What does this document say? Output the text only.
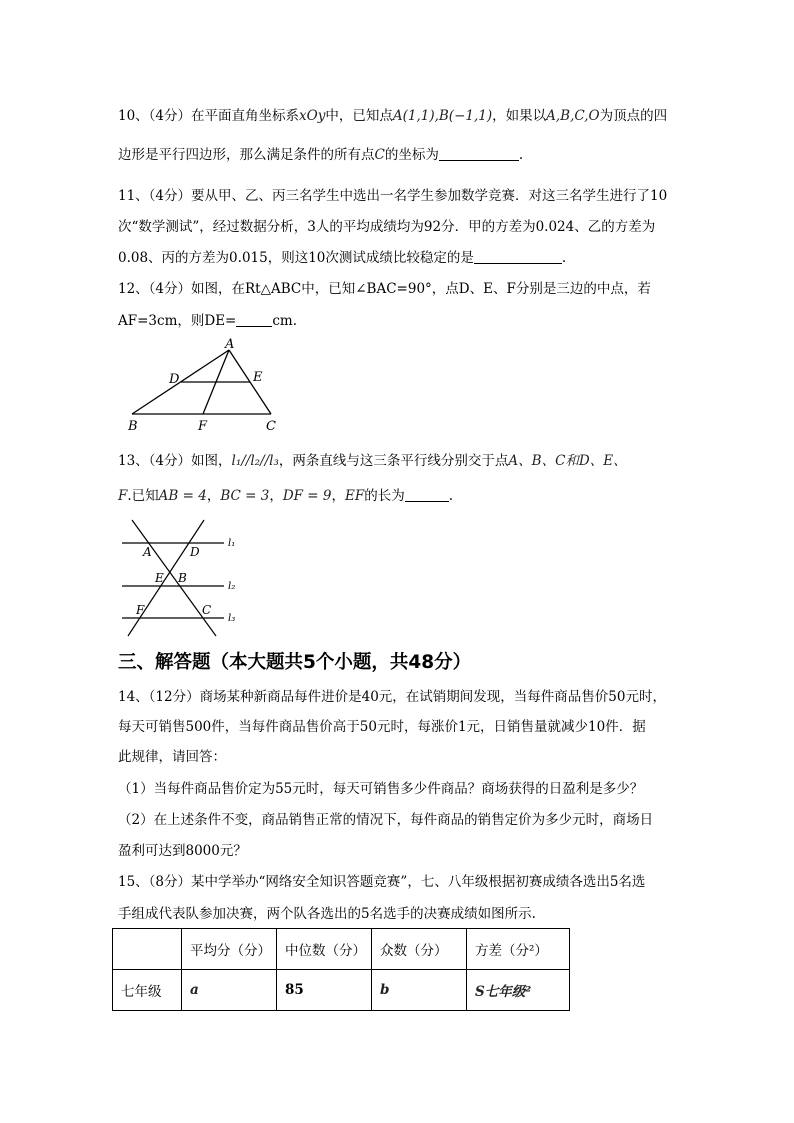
10、（4分）在平面直角坐标系xOy中，已知点A(1,1),B(−1,1)，如果以A,B,C,O为顶点的四
边形是平行四边形，那么满足条件的所有点C的坐标为	.
11、（4分）要从甲、乙、丙三名学生中选出一名学生参加数学竞赛．对这三名学生进行了10
次“数学测试”，经过数据分析，3人的平均成绩均为92分．甲的方差为0.024、乙的方差为
0.08、丙的方差为0.015，则这10次测试成绩比较稳定的是	.
12、（4分）如图，在Rt△ABC中，已知∠BAC=90°，点D、E、F分别是三边的中点，若
AF=3cm，则DE=	cm.
A
D	E
B	F	C
13、（4分）如图，l₁//l₂//l₃，两条直线与这三条平行线分别交于点A、B、C和D、E、
F.已知AB = 4，BC = 3，DF = 9，EF的长为	.
A	D
E B
F	C
l₁
l₂
l₃
三、解答题（本大题共5个小题，共48分）
14、（12分）商场某种新商品每件进价是40元，在试销期间发现，当每件商品售价50元时，
每天可销售500件，当每件商品售价高于50元时，每涨价1元，日销售量就减少10件．据
此规律，请回答：
（1）当每件商品售价定为55元时，每天可销售多少件商品？商场获得的日盈利是多少？
（2）在上述条件不变，商品销售正常的情况下，每件商品的销售定价为多少元时，商场日
盈利可达到8000元？
15、（8分）某中学举办“网络安全知识答题竞赛”，七、八年级根据初赛成绩各选出5名选
手组成代表队参加决赛，两个队各选出的5名选手的决赛成绩如图所示.
	平均分（分）	中位数（分）	众数（分）	方差（分²）
七年级	a	85	b	S七年级²
